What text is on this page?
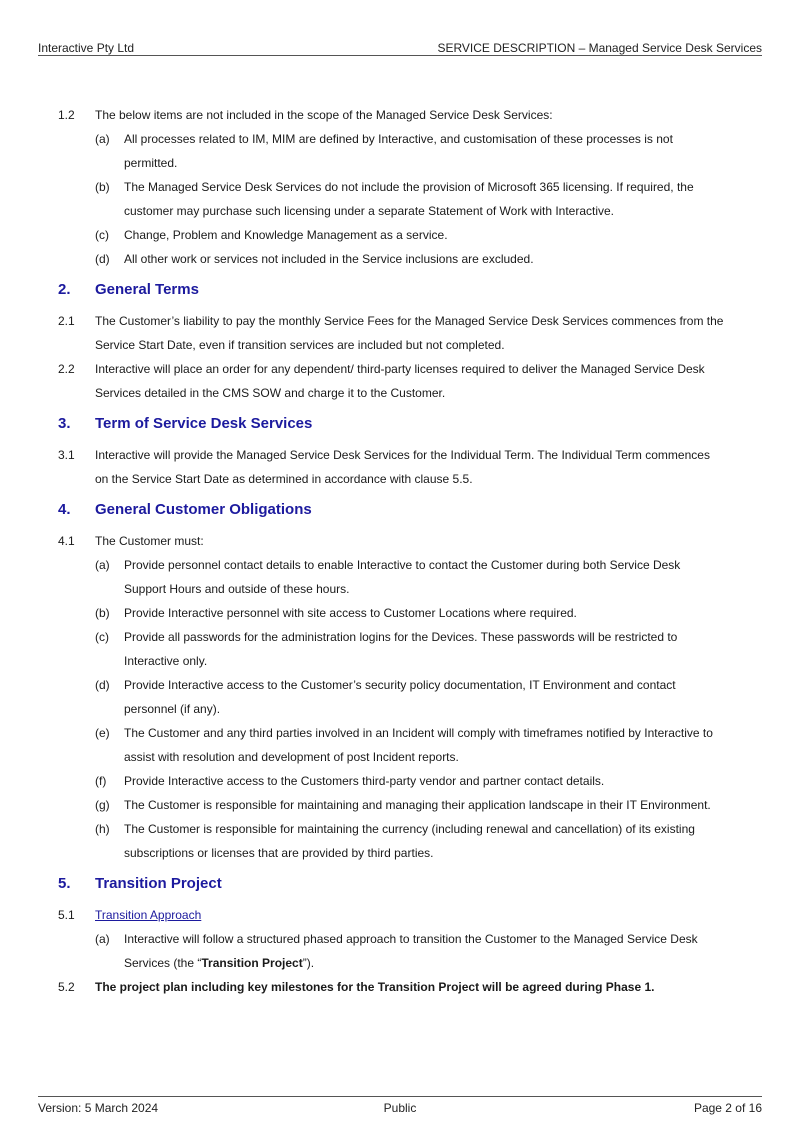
Interactive Pty Ltd	SERVICE DESCRIPTION – Managed Service Desk Services
1.2 The below items are not included in the scope of the Managed Service Desk Services:
(a) All processes related to IM, MIM are defined by Interactive, and customisation of these processes is not permitted.
(b) The Managed Service Desk Services do not include the provision of Microsoft 365 licensing. If required, the customer may purchase such licensing under a separate Statement of Work with Interactive.
(c) Change, Problem and Knowledge Management as a service.
(d) All other work or services not included in the Service inclusions are excluded.
2. General Terms
2.1 The Customer’s liability to pay the monthly Service Fees for the Managed Service Desk Services commences from the Service Start Date, even if transition services are included but not completed.
2.2 Interactive will place an order for any dependent/ third-party licenses required to deliver the Managed Service Desk Services detailed in the CMS SOW and charge it to the Customer.
3. Term of Service Desk Services
3.1 Interactive will provide the Managed Service Desk Services for the Individual Term. The Individual Term commences on the Service Start Date as determined in accordance with clause 5.5.
4. General Customer Obligations
4.1 The Customer must:
(a) Provide personnel contact details to enable Interactive to contact the Customer during both Service Desk Support Hours and outside of these hours.
(b) Provide Interactive personnel with site access to Customer Locations where required.
(c) Provide all passwords for the administration logins for the Devices. These passwords will be restricted to Interactive only.
(d) Provide Interactive access to the Customer’s security policy documentation, IT Environment and contact personnel (if any).
(e) The Customer and any third parties involved in an Incident will comply with timeframes notified by Interactive to assist with resolution and development of post Incident reports.
(f) Provide Interactive access to the Customers third-party vendor and partner contact details.
(g) The Customer is responsible for maintaining and managing their application landscape in their IT Environment.
(h) The Customer is responsible for maintaining the currency (including renewal and cancellation) of its existing subscriptions or licenses that are provided by third parties.
5. Transition Project
5.1 Transition Approach
(a) Interactive will follow a structured phased approach to transition the Customer to the Managed Service Desk Services (the “Transition Project”).
5.2 The project plan including key milestones for the Transition Project will be agreed during Phase 1.
Version: 5 March 2024	Public	Page 2 of 16
